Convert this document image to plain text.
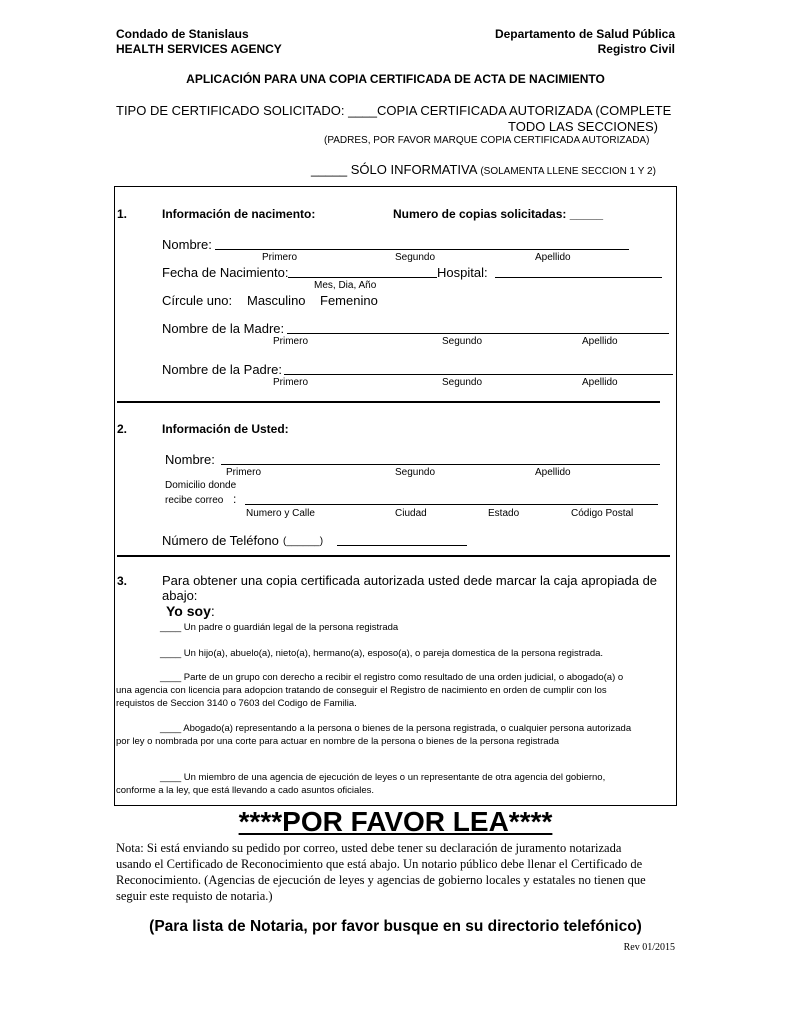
Condado de Stanislaus
HEALTH SERVICES AGENCY
Departamento de Salud Pública
Registro Civil
APLICACIÓN PARA UNA COPIA CERTIFICADA DE ACTA DE NACIMIENTO
TIPO DE CERTIFICADO SOLICITADO: ____COPIA CERTIFICADA AUTORIZADA (COMPLETE
TODO LAS SECCIONES)
(PADRES, POR FAVOR MARQUE COPIA CERTIFICADA AUTORIZADA)
_____ SÓLO INFORMATIVA (SOLAMENTA LLENE SECCION 1 Y 2)
1.	Información de nacimento:	Numero de copias solicitadas: _____
Nombre:
Primero	Segundo	Apellido
Fecha de Nacimiento:	Hospital:
Mes, Dia, Año
Círcule uno: Masculino Femenino
Nombre de la Madre:
Primero	Segundo	Apellido
Nombre de la Padre:
Primero	Segundo	Apellido
2.	Información de Usted:
Nombre:
Primero	Segundo	Apellido
Domicilio donde
recibe correo :
Numero y Calle	Ciudad	Estado	Código Postal
Número de Teléfono (______)
3.	Para obtener una copia certificada autorizada usted dede marcar la caja apropiada de
abajo:
Yo soy:
____ Un padre o guardián legal de la persona registrada
____ Un hijo(a), abuelo(a), nieto(a), hermano(a), esposo(a), o pareja domestica de la persona registrada.
____ Parte de un grupo con derecho a recibir el registro como resultado de una orden judicial, o abogado(a) o
una agencia con licencia para adopcion tratando de conseguir el Registro de nacimiento en orden de cumplir con los
requistos de Seccion 3140 o 7603 del Codigo de Familia.
____ Abogado(a) representando a la persona o bienes de la persona registrada, o cualquier persona autorizada
por ley o nombrada por una corte para actuar en nombre de la persona o bienes de la persona registrada
____ Un miembro de una agencia de ejecución de leyes o un representante de otra agencia del gobierno,
conforme a la ley, que está llevando a cado asuntos oficiales.
****POR FAVOR LEA****
Nota: Si está enviando su pedido por correo, usted debe tener su declaración de juramento notarizada
usando el Certificado de Reconocimiento que está abajo. Un notario público debe llenar el Certificado de
Reconocimiento. (Agencias de ejecución de leyes y agencias de gobierno locales y estatales no tienen que
seguir este requisto de notaria.)
(Para lista de Notaria, por favor busque en su directorio telefónico)
Rev 01/2015
